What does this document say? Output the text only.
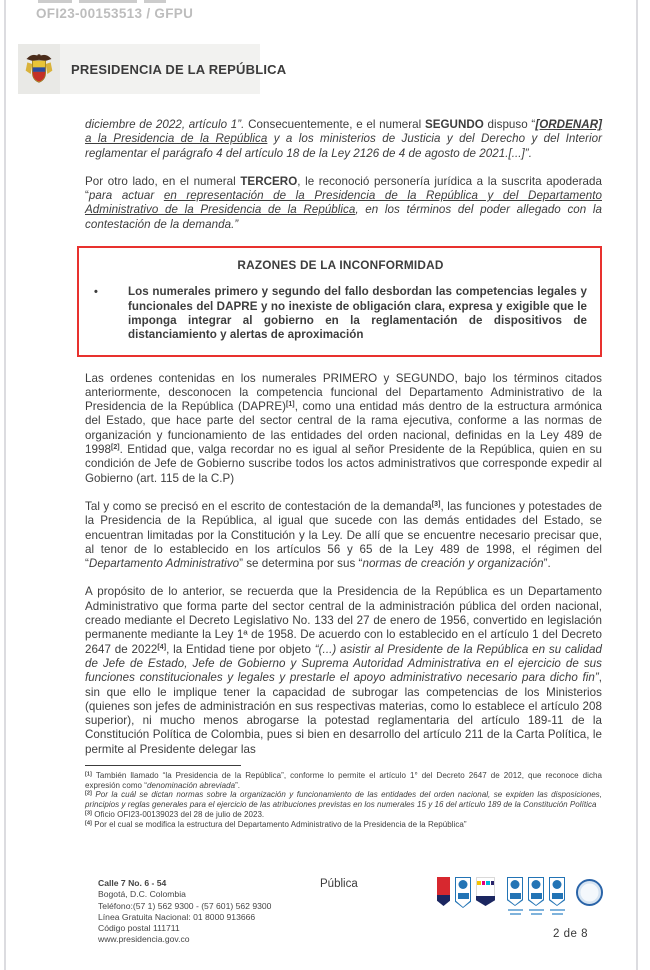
OFI23-00153513 / GFPU
PRESIDENCIA DE LA REPÚBLICA

diciembre de 2022, artículo 1”. Consecuentemente, e el numeral SEGUNDO dispuso “[ORDENAR] a la Presidencia de la República y a los ministerios de Justicia y del Derecho y del Interior reglamentar el parágrafo 4 del artículo 18 de la Ley 2126 de 4 de agosto de 2021.[...]”.

Por otro lado, en el numeral TERCERO, le reconoció personería jurídica a la suscrita apoderada “para actuar en representación de la Presidencia de la República y del Departamento Administrativo de la Presidencia de la República, en los términos del poder allegado con la contestación de la demanda.”

RAZONES DE LA INCONFORMIDAD
•	Los numerales primero y segundo del fallo desbordan las competencias legales y funcionales del DAPRE y no inexiste de obligación clara, expresa y exigible que le imponga integrar al gobierno en la reglamentación de dispositivos de distanciamiento y alertas de aproximación

Las ordenes contenidas en los numerales PRIMERO y SEGUNDO, bajo los términos citados anteriormente, desconocen la competencia funcional del Departamento Administrativo de la Presidencia de la República (DAPRE)[1], como una entidad más dentro de la estructura armónica del Estado, que hace parte del sector central de la rama ejecutiva, conforme a las normas de organización y funcionamiento de las entidades del orden nacional, definidas en la Ley 489 de 1998[2]. Entidad que, valga recordar no es igual al señor Presidente de la República, quien en su condición de Jefe de Gobierno suscribe todos los actos administrativos que corresponde expedir al Gobierno (art. 115 de la C.P)

Tal y como se precisó en el escrito de contestación de la demanda[3], las funciones y potestades de la Presidencia de la República, al igual que sucede con las demás entidades del Estado, se encuentran limitadas por la Constitución y la Ley. De allí que se encuentre necesario precisar que, al tenor de lo establecido en los artículos 56 y 65 de la Ley 489 de 1998, el régimen del “Departamento Administrativo” se determina por sus “normas de creación y organización”.

A propósito de lo anterior, se recuerda que la Presidencia de la República es un Departamento Administrativo que forma parte del sector central de la administración pública del orden nacional, creado mediante el Decreto Legislativo No. 133 del 27 de enero de 1956, convertido en legislación permanente mediante la Ley 1ª de 1958. De acuerdo con lo establecido en el artículo 1 del Decreto 2647 de 2022[4], la Entidad tiene por objeto “(...) asistir al Presidente de la República en su calidad de Jefe de Estado, Jefe de Gobierno y Suprema Autoridad Administrativa en el ejercicio de sus funciones constitucionales y legales y prestarle el apoyo administrativo necesario para dicho fin”, sin que ello le implique tener la capacidad de subrogar las competencias de los Ministerios (quienes son jefes de administración en sus respectivas materias, como lo establece el artículo 208 superior), ni mucho menos abrogarse la potestad reglamentaria del artículo 189-11 de la Constitución Política de Colombia, pues si bien en desarrollo del artículo 211 de la Carta Política, le permite al Presidente delegar las

[1] También llamado “la Presidencia de la República”, conforme lo permite el artículo 1° del Decreto 2647 de 2012, que reconoce dicha expresión como “denominación abreviada”.

[2] Por la cuál se dictan normas sobre la organización y funcionamiento de las entidades del orden nacional, se expiden las disposiciones, principios y reglas generales para el ejercicio de las atribuciones previstas en los numerales 15 y 16 del artículo 189 de la Constitución Política

[3] Oficio OFI23-00139023 del 28 de julio de 2023.

[4] Por el cual se modifica la estructura del Departamento Administrativo de la Presidencia de la República”

Calle 7 No. 6 - 54
Bogotá, D.C. Colombia
Teléfono:(57 1) 562 9300 - (57 601) 562 9300
Línea Gratuita Nacional: 01 8000 913666
Código postal 111711
www.presidencia.gov.co
Pública
2 de 8
